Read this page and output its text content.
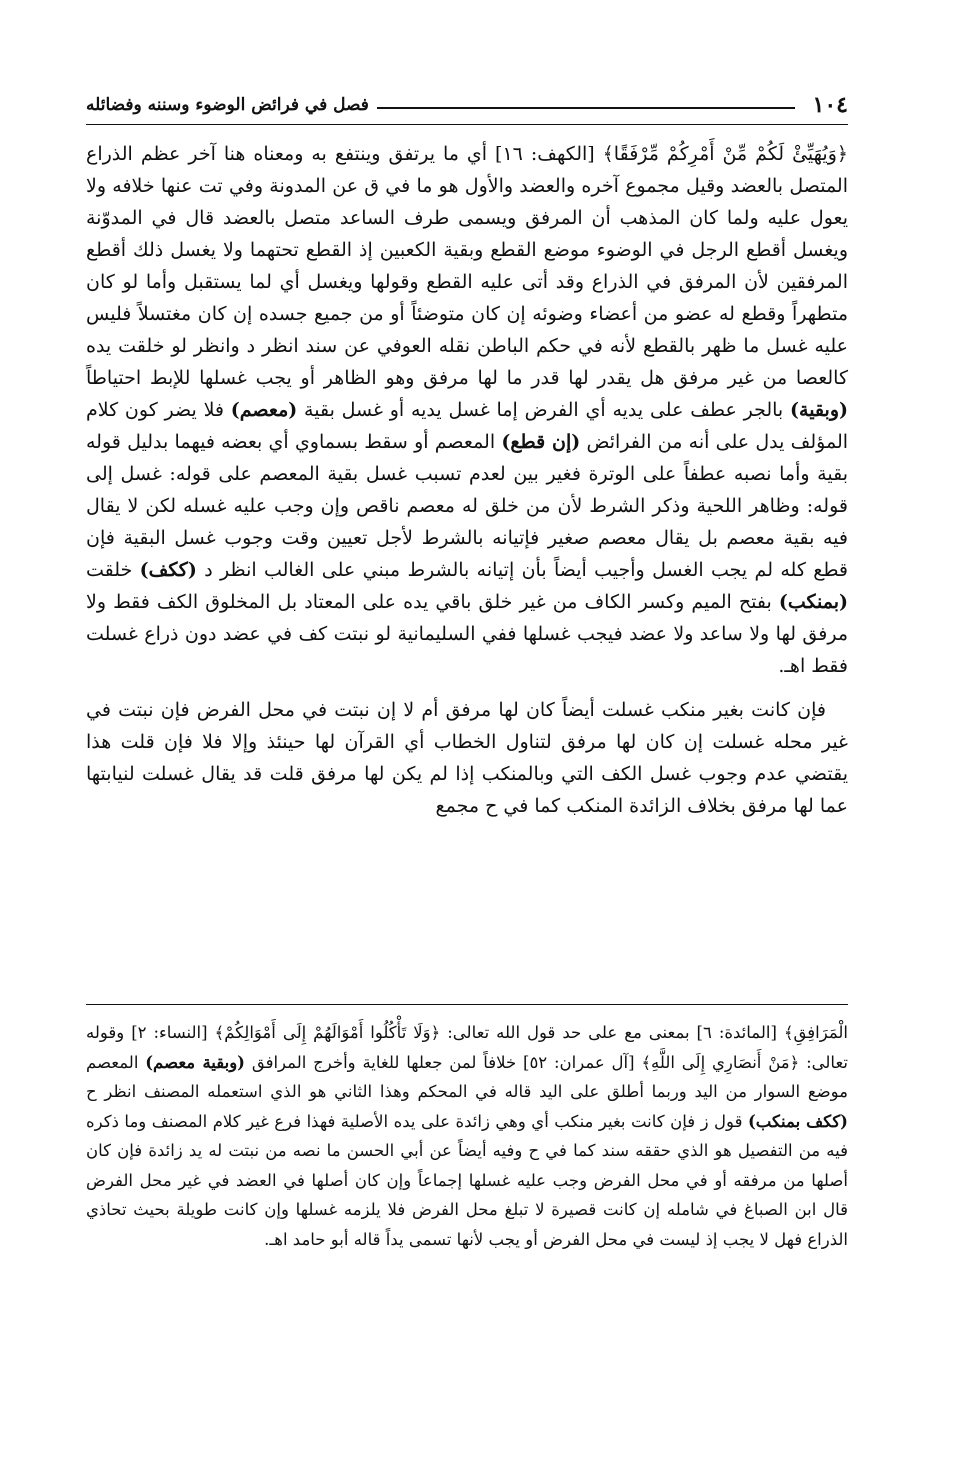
١٠٤
فصل في فرائض الوضوء وسننه وفضائله

﴿وَيُهَيِّئْ لَكُمْ مِّنْ أَمْرِكُمْ مِّرْفَقًا﴾ [الكهف: ١٦] أي ما يرتفق وينتفع به ومعناه هنا آخر عظم الذراع المتصل بالعضد وقيل مجموع آخره والعضد والأول هو ما في ق عن المدونة وفي تت عنها خلافه ولا يعول عليه ولما كان المذهب أن المرفق ويسمى طرف الساعد متصل بالعضد قال في المدوّنة ويغسل أقطع الرجل في الوضوء موضع القطع وبقية الكعبين إذ القطع تحتهما ولا يغسل ذلك أقطع المرفقين لأن المرفق في الذراع وقد أتى عليه القطع وقولها ويغسل أي لما يستقبل وأما لو كان متطهراً وقطع له عضو من أعضاء وضوئه إن كان متوضئاً أو من جميع جسده إن كان مغتسلاً فليس عليه غسل ما ظهر بالقطع لأنه في حكم الباطن نقله العوفي عن سند انظر د وانظر لو خلقت يده كالعصا من غير مرفق هل يقدر لها قدر ما لها مرفق وهو الظاهر أو يجب غسلها للإبط احتياطاً (وبقية) بالجر عطف على يديه أي الفرض إما غسل يديه أو غسل بقية (معصم) فلا يضر كون كلام المؤلف يدل على أنه من الفرائض (إن قطع) المعصم أو سقط بسماوي أي بعضه فيهما بدليل قوله بقية وأما نصبه عطفاً على الوترة فغير بين لعدم تسبب غسل بقية المعصم على قوله: غسل إلى قوله: وظاهر اللحية وذكر الشرط لأن من خلق له معصم ناقص وإن وجب عليه غسله لكن لا يقال فيه بقية معصم بل يقال معصم صغير فإتيانه بالشرط لأجل تعيين وقت وجوب غسل البقية فإن قطع كله لم يجب الغسل وأجيب أيضاً بأن إتيانه بالشرط مبني على الغالب انظر د (ككف) خلقت (بمنكب) بفتح الميم وكسر الكاف من غير خلق باقي يده على المعتاد بل المخلوق الكف فقط ولا مرفق لها ولا ساعد ولا عضد فيجب غسلها ففي السليمانية لو نبتت كف في عضد دون ذراع غسلت فقط اهـ.

فإن كانت بغير منكب غسلت أيضاً كان لها مرفق أم لا إن نبتت في محل الفرض فإن نبتت في غير محله غسلت إن كان لها مرفق لتناول الخطاب أي القرآن لها حينئذ وإلا فلا فإن قلت هذا يقتضي عدم وجوب غسل الكف التي وبالمنكب إذا لم يكن لها مرفق قلت قد يقال غسلت لنيابتها عما لها مرفق بخلاف الزائدة المنكب كما في ح مجمع

الْمَرَافِقِ﴾ [المائدة: ٦] بمعنى مع على حد قول الله تعالى: ﴿وَلَا تَأْكُلُوا أَمْوَالَهُمْ إِلَى أَمْوَالِكُمْ﴾ [النساء: ٢] وقوله تعالى: ﴿مَنْ أَنصَارِي إِلَى اللَّهِ﴾ [آل عمران: ٥٢] خلافاً لمن جعلها للغاية وأخرج المرافق (وبقية معصم) المعصم موضع السوار من اليد وربما أطلق على اليد قاله في المحكم وهذا الثاني هو الذي استعمله المصنف انظر ح (ككف بمنكب) قول ز فإن كانت بغير منكب أي وهي زائدة على يده الأصلية فهذا فرع غير كلام المصنف وما ذكره فيه من التفصيل هو الذي حققه سند كما في ح وفيه أيضاً عن أبي الحسن ما نصه من نبتت له يد زائدة فإن كان أصلها من مرفقه أو في محل الفرض وجب عليه غسلها إجماعاً وإن كان أصلها في العضد في غير محل الفرض قال ابن الصباغ في شامله إن كانت قصيرة لا تبلغ محل الفرض فلا يلزمه غسلها وإن كانت طويلة بحيث تحاذي الذراع فهل لا يجب إذ ليست في محل الفرض أو يجب لأنها تسمى يداً قاله أبو حامد اهـ.
